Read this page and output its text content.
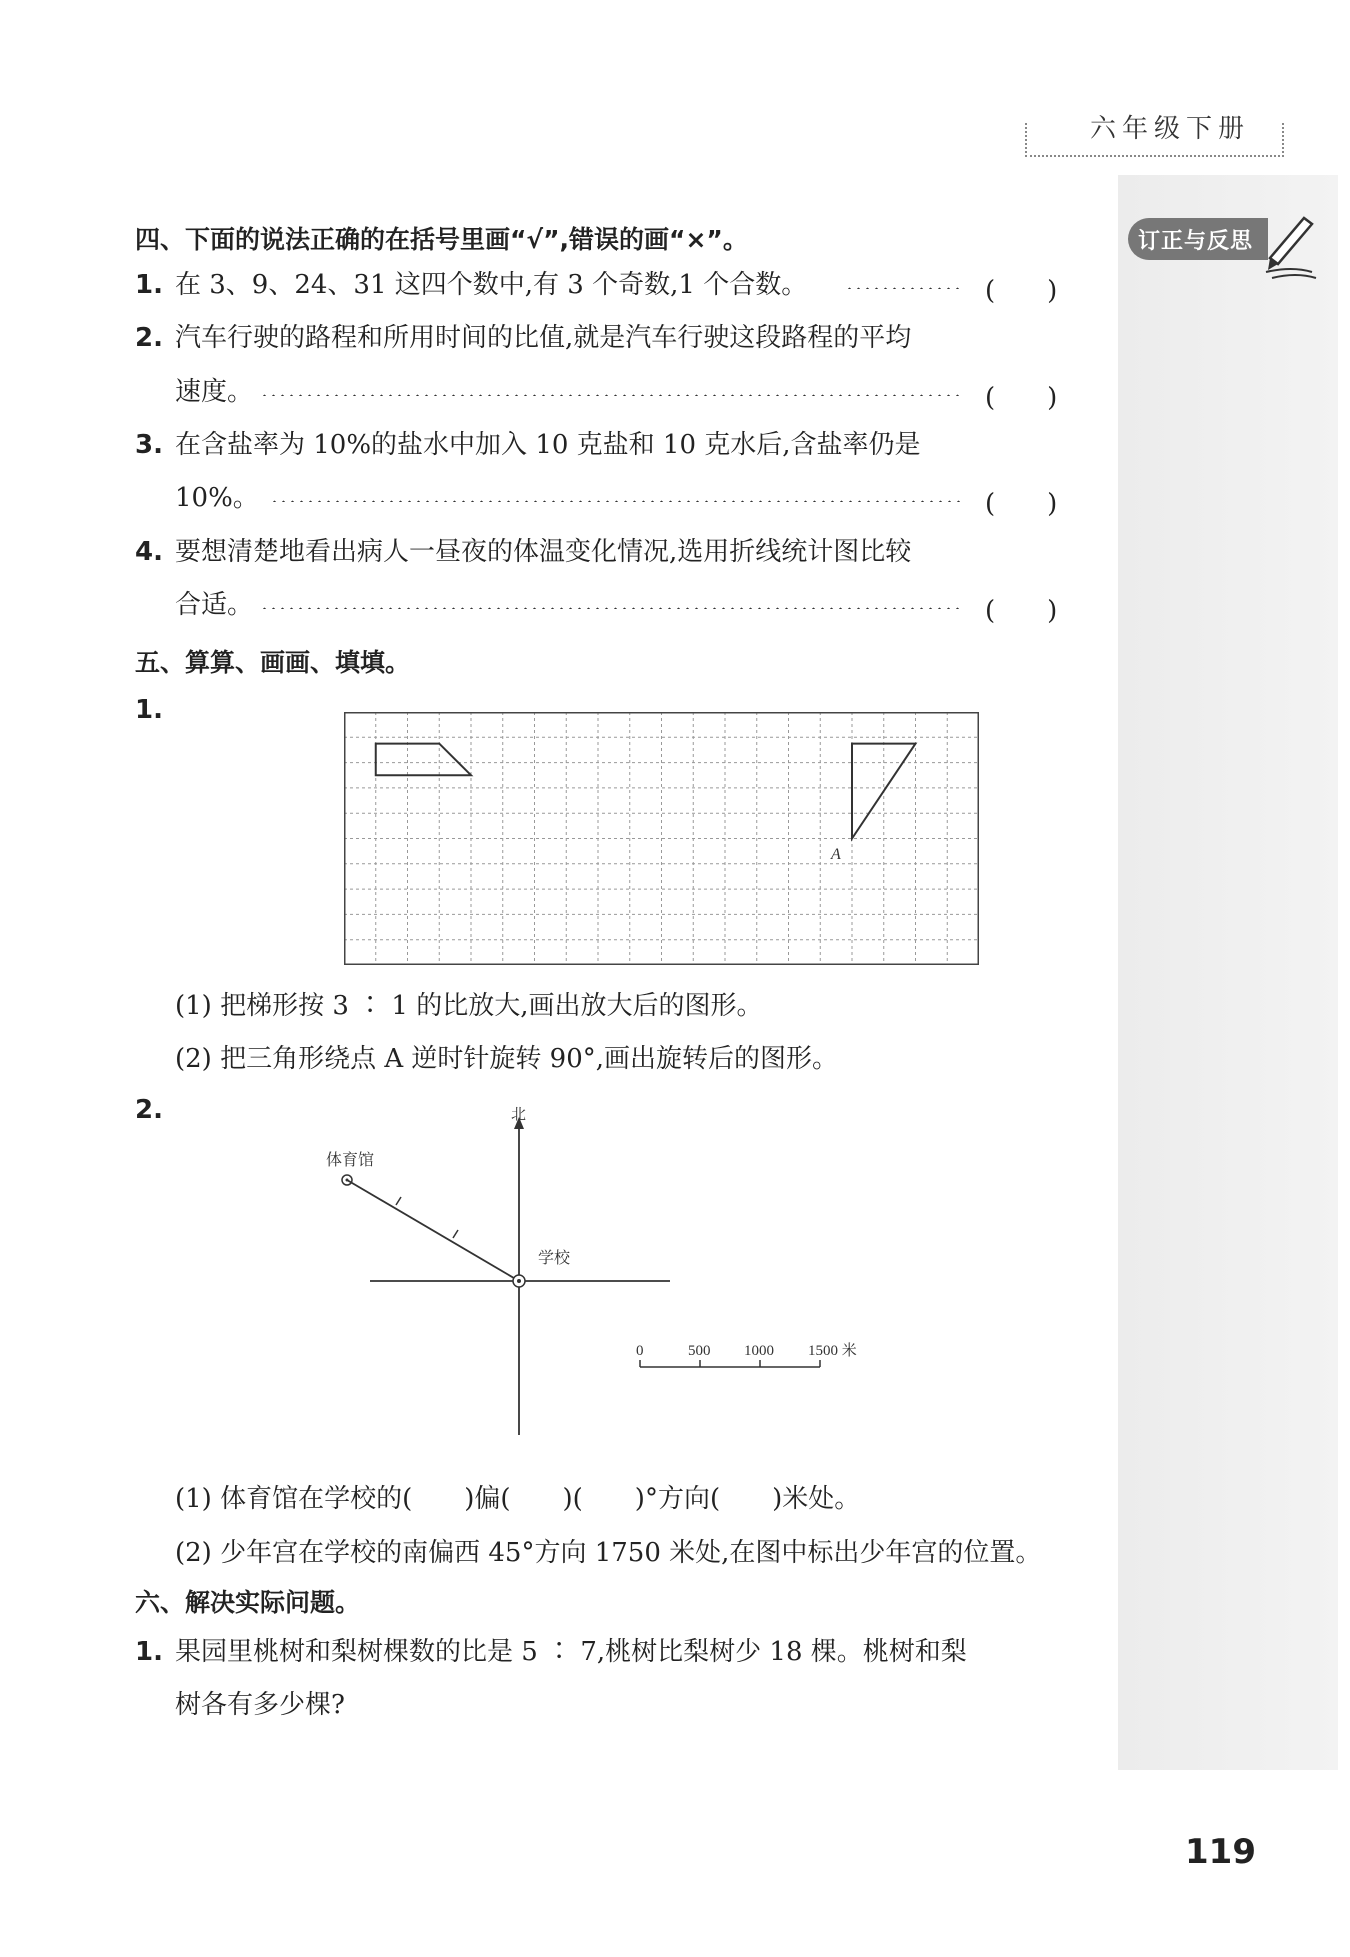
六年级下册
订正与反思
四、下面的说法正确的在括号里画“√”,错误的画“×”。
1. 在 3、9、24、31 这四个数中,有 3 个奇数,1 个合数。	(　　)
2. 汽车行驶的路程和所用时间的比值,就是汽车行驶这段路程的平均
速度。	(　　)
3. 在含盐率为 10%的盐水中加入 10 克盐和 10 克水后,含盐率仍是
10%。	(　　)
4. 要想清楚地看出病人一昼夜的体温变化情况,选用折线统计图比较
合适。	(　　)
五、算算、画画、填填。
1.
A
(1) 把梯形按 3 ∶ 1 的比放大,画出放大后的图形。
(2) 把三角形绕点 A 逆时针旋转 90°,画出旋转后的图形。
2.	北
体育馆
学校
0	500 1000 1500 米
(1) 体育馆在学校的(　　)偏(　　)(　　)°方向(　　)米处。
(2) 少年宫在学校的南偏西 45°方向 1750 米处,在图中标出少年宫的位置。
六、解决实际问题。
1. 果园里桃树和梨树棵数的比是 5 ∶ 7,桃树比梨树少 18 棵。桃树和梨
树各有多少棵?
119
